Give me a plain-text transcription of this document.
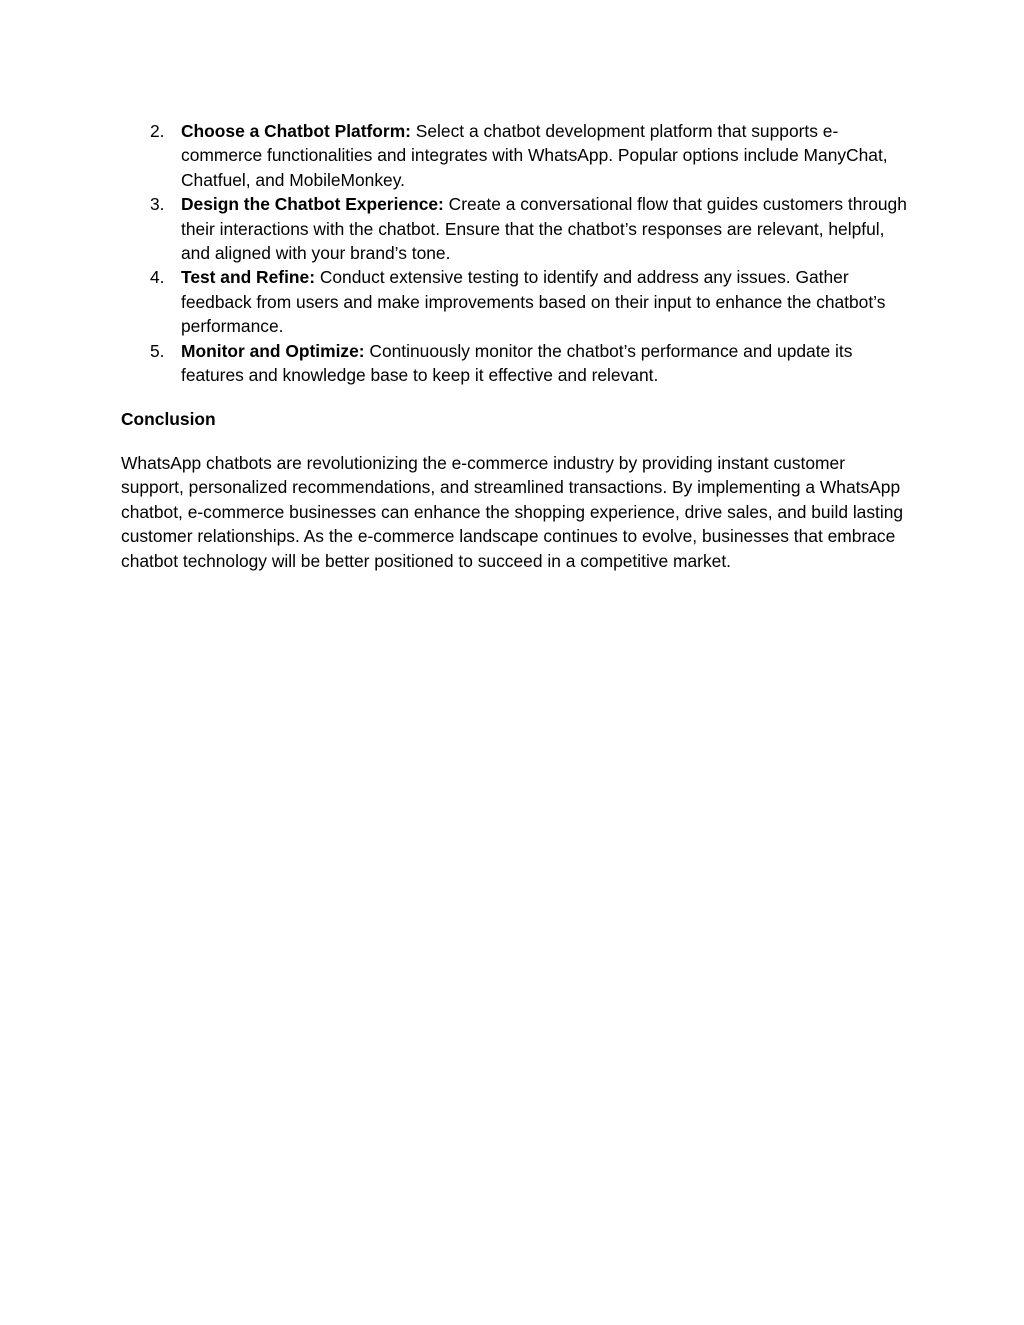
2. Choose a Chatbot Platform: Select a chatbot development platform that supports e-commerce functionalities and integrates with WhatsApp. Popular options include ManyChat, Chatfuel, and MobileMonkey.
3. Design the Chatbot Experience: Create a conversational flow that guides customers through their interactions with the chatbot. Ensure that the chatbot’s responses are relevant, helpful, and aligned with your brand’s tone.
4. Test and Refine: Conduct extensive testing to identify and address any issues. Gather feedback from users and make improvements based on their input to enhance the chatbot’s performance.
5. Monitor and Optimize: Continuously monitor the chatbot’s performance and update its features and knowledge base to keep it effective and relevant.

Conclusion

WhatsApp chatbots are revolutionizing the e-commerce industry by providing instant customer support, personalized recommendations, and streamlined transactions. By implementing a WhatsApp chatbot, e-commerce businesses can enhance the shopping experience, drive sales, and build lasting customer relationships. As the e-commerce landscape continues to evolve, businesses that embrace chatbot technology will be better positioned to succeed in a competitive market.
